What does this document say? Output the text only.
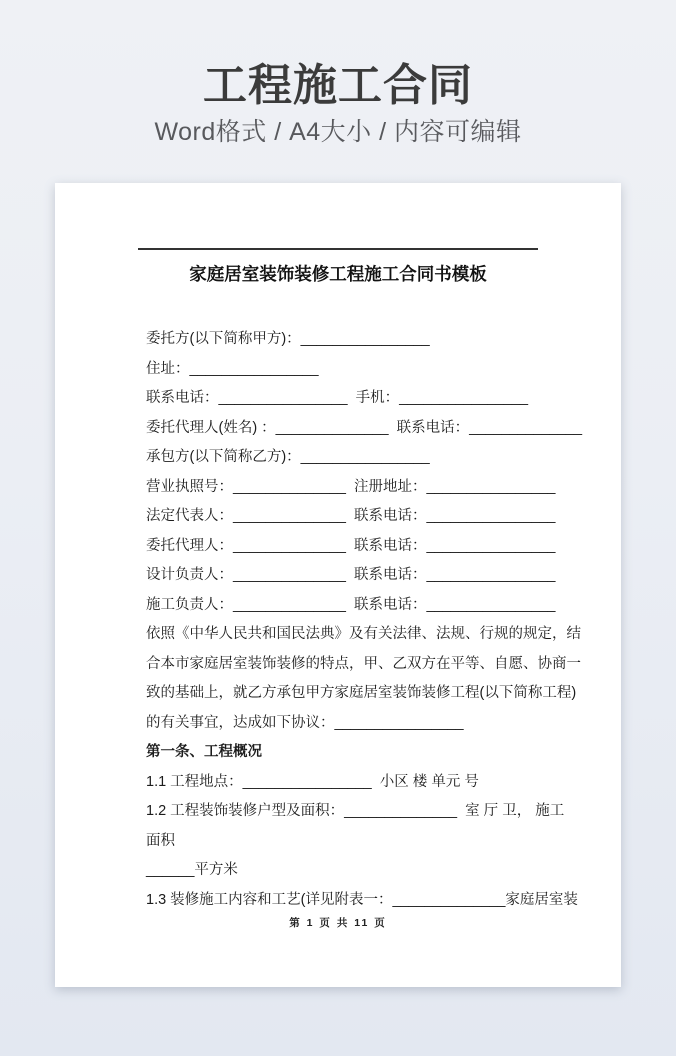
工程施工合同

Word格式 / A4大小 / 内容可编辑

家庭居室装饰装修工程施工合同书模板

委托方(以下简称甲方)：________________

住址：________________

联系电话：________________  手机：________________

委托代理人(姓名) ：______________  联系电话：______________

承包方(以下简称乙方)：________________

营业执照号：______________  注册地址：________________

法定代表人：______________  联系电话：________________

委托代理人：______________  联系电话：________________

设计负责人：______________  联系电话：________________

施工负责人：______________  联系电话：________________

依照《中华人民共和国民法典》及有关法律、法规、行规的规定，结

合本市家庭居室装饰装修的特点，甲、乙双方在平等、自愿、协商一

致的基础上，就乙方承包甲方家庭居室装饰装修工程(以下简称工程)

的有关事宜，达成如下协议：________________

第一条、工程概况

1.1 工程地点：________________  小区 楼 单元 号

1.2 工程装饰装修户型及面积：______________  室 厅 卫， 施工

面积

______平方米

1.3 装修施工内容和工艺(详见附表一：______________家庭居室装

第 1 页 共 11 页
